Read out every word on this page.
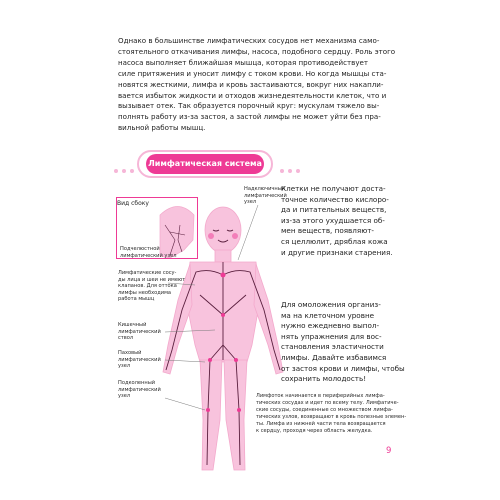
Однако в большинстве лимфатических сосудов нет механизма само-
стоятельного откачивания лимфы, насоса, подобного сердцу. Роль этого
насоса выполняет ближайшая мышца, которая противодействует
силе притяжения и уносит лимфу с током крови. Но когда мышцы ста-
новятся жесткими, лимфа и кровь застаиваются, вокруг них накапли-
вается избыток жидкости и отходов жизнедеятельности клеток, что и
вызывает отек. Так образуется порочный круг: мускулам тяжело вы-
полнять работу из-за застоя, а застой лимфы не может уйти без пра-
вильной работы мышц.
Лимфатическая система
Вид сбоку
Надключичный
лимфатический
узел
Подчелюстной
лимфатический узел
Лимфатические сосу-
ды лица и шеи не имеют
клапанов. Для оттока
лимфы необходима
работа мышц
Кишечный
лимфатический
ствол
Паховый
лимфатический
узел
Подколенный
лимфатический
узел
Клетки не получают доста-
точное количество кислоро-
да и питательных веществ,
из-за этого ухудшается об-
мен веществ, появляют-
ся целлюлит, дряблая кожа
и другие признаки старения.
Для омоложения организ-
ма на клеточном уровне
нужно ежедневно выпол-
нять упражнения для вос-
становления эластичности
лимфы. Давайте избавимся
от застоя крови и лимфы, чтобы
сохранить молодость!
Лимфоток начинается в периферийных лимфа-
тических сосудах и идет по всему телу. Лимфатиче-
ские сосуды, соединенные со множеством лимфа-
тических узлов, возвращают в кровь полезные элемен-
ты. Лимфа из нижней части тела возвращается
к сердцу, проходя через область желудка.
9
